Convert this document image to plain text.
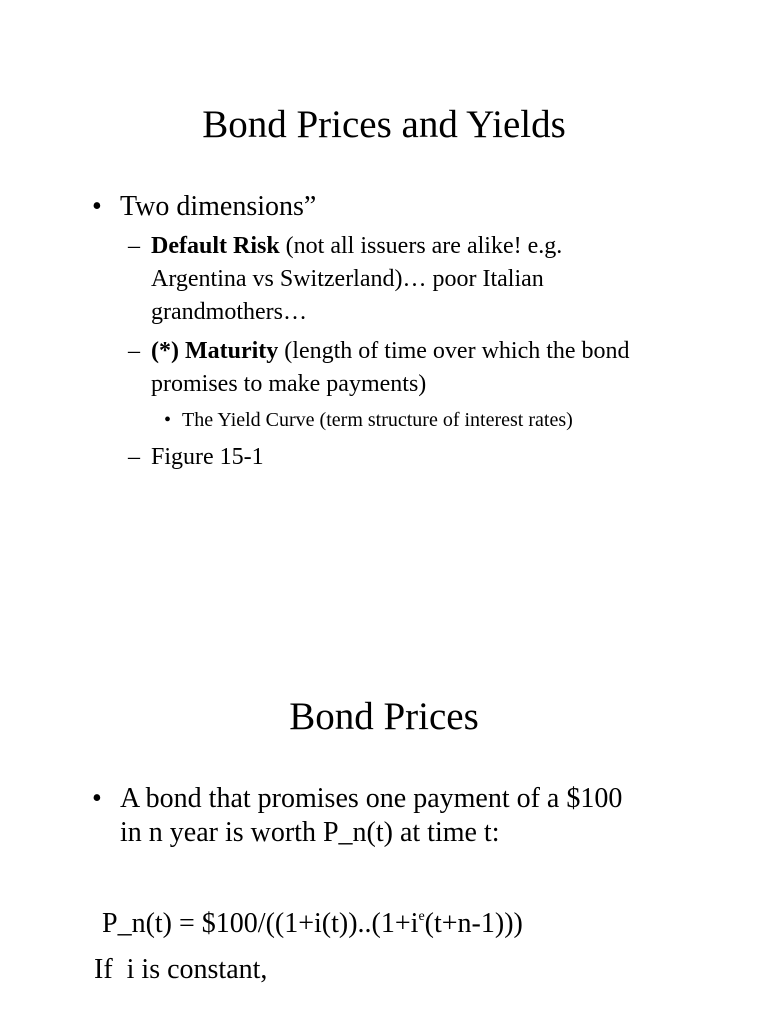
Bond Prices and Yields
• Two dimensions”
– Default Risk (not all issuers are alike! e.g. Argentina vs Switzerland)… poor Italian grandmothers…
– (*) Maturity (length of time over which the bond promises to make payments)
• The Yield Curve (term structure of interest rates)
– Figure 15-1
Bond Prices
• A bond that promises one payment of a $100 in n year is worth P_n(t) at time t:
P_n(t) = $\$100/((1+i(t))..(1+i^e(t+n-1)))$
If  i is constant,
